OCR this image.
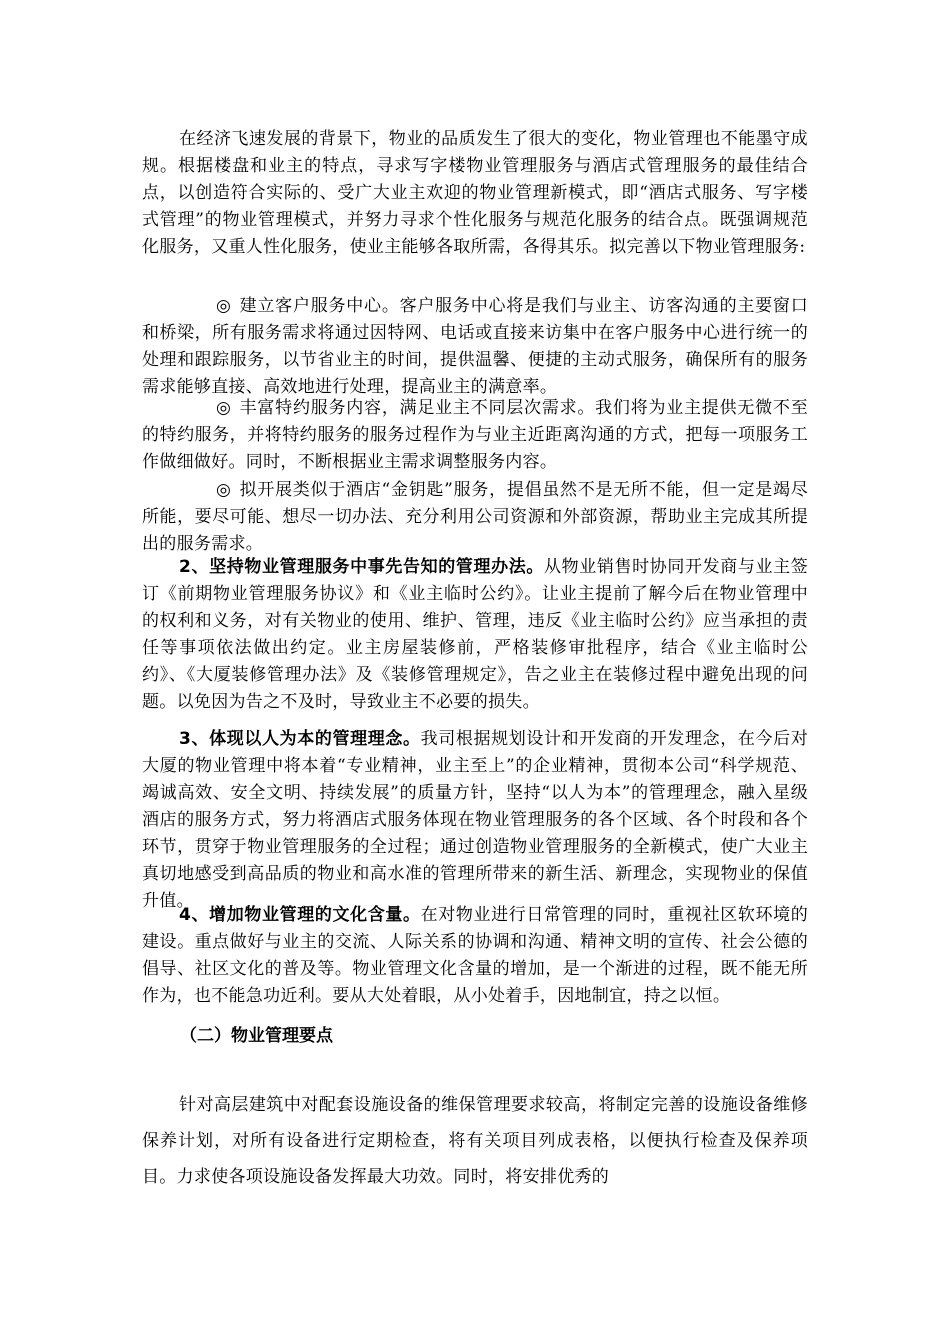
在经济飞速发展的背景下，物业的品质发生了很大的变化，物业管理也不能墨守成规。根据楼盘和业主的特点，寻求写字楼物业管理服务与酒店式管理服务的最佳结合点，以创造符合实际的、受广大业主欢迎的物业管理新模式，即“酒店式服务、写字楼式管理”的物业管理模式，并努力寻求个性化服务与规范化服务的结合点。既强调规范化服务，又重人性化服务，使业主能够各取所需，各得其乐。拟完善以下物业管理服务:

◎ 建立客户服务中心。客户服务中心将是我们与业主、访客沟通的主要窗口和桥梁，所有服务需求将通过因特网、电话或直接来访集中在客户服务中心进行统一的处理和跟踪服务，以节省业主的时间，提供温馨、便捷的主动式服务，确保所有的服务需求能够直接、高效地进行处理，提高业主的满意率。

◎ 丰富特约服务内容，满足业主不同层次需求。我们将为业主提供无微不至的特约服务，并将特约服务的服务过程作为与业主近距离沟通的方式，把每一项服务工作做细做好。同时，不断根据业主需求调整服务内容。

◎ 拟开展类似于酒店“金钥匙”服务，提倡虽然不是无所不能，但一定是竭尽所能，要尽可能、想尽一切办法、充分利用公司资源和外部资源，帮助业主完成其所提出的服务需求。

2、坚持物业管理服务中事先告知的管理办法。从物业销售时协同开发商与业主签订《前期物业管理服务协议》和《业主临时公约》。让业主提前了解今后在物业管理中的权利和义务，对有关物业的使用、维护、管理，违反《业主临时公约》应当承担的责任等事项依法做出约定。业主房屋装修前，严格装修审批程序，结合《业主临时公约》、《大厦装修管理办法》及《装修管理规定》，告之业主在装修过程中避免出现的问题。以免因为告之不及时，导致业主不必要的损失。

3、体现以人为本的管理理念。我司根据规划设计和开发商的开发理念，在今后对大厦的物业管理中将本着“专业精神，业主至上”的企业精神，贯彻本公司“科学规范、竭诚高效、安全文明、持续发展”的质量方针，坚持“以人为本”的管理理念，融入星级酒店的服务方式，努力将酒店式服务体现在物业管理服务的各个区域、各个时段和各个环节，贯穿于物业管理服务的全过程；通过创造物业管理服务的全新模式，使广大业主真切地感受到高品质的物业和高水准的管理所带来的新生活、新理念，实现物业的保值升值。

4、增加物业管理的文化含量。在对物业进行日常管理的同时，重视社区软环境的建设。重点做好与业主的交流、人际关系的协调和沟通、精神文明的宣传、社会公德的倡导、社区文化的普及等。物业管理文化含量的增加，是一个渐进的过程，既不能无所作为，也不能急功近利。要从大处着眼，从小处着手，因地制宜，持之以恒。

（二）物业管理要点

针对高层建筑中对配套设施设备的维保管理要求较高，将制定完善的设施设备维修保养计划，对所有设备进行定期检查，将有关项目列成表格，以便执行检查及保养项目。力求使各项设施设备发挥最大功效。同时，将安排优秀的
